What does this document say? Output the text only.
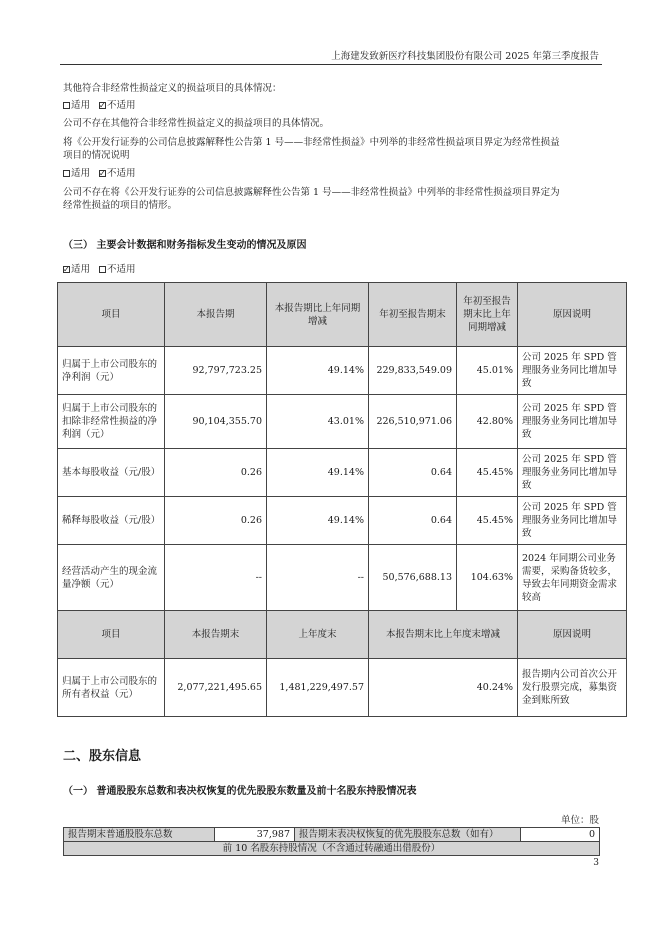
上海建发致新医疗科技集团股份有限公司 2025 年第三季度报告
其他符合非经常性损益定义的损益项目的具体情况：
适用 ✓ 不适用
公司不存在其他符合非经常性损益定义的损益项目的具体情况。
将《公开发行证券的公司信息披露解释性公告第 1 号——非经常性损益》中列举的非经常性损益项目界定为经常性损益
项目的情况说明
适用 ✓ 不适用
公司不存在将《公开发行证券的公司信息披露解释性公告第 1 号——非经常性损益》中列举的非经常性损益项目界定为
经常性损益的项目的情形。
（三） 主要会计数据和财务指标发生变动的情况及原因
✓适用 不适用
项目	本报告期	本报告期比上年同期增减	年初至报告期末	年初至报告期末比上年同期增减	原因说明
归属于上市公司股东的净利润（元）	92,797,723.25	49.14%	229,833,549.09	45.01%	公司 2025 年 SPD 管理服务业务同比增加导致
归属于上市公司股东的扣除非经常性损益的净利润（元）	90,104,355.70	43.01%	226,510,971.06	42.80%	公司 2025 年 SPD 管理服务业务同比增加导致
基本每股收益（元/股）	0.26	49.14%	0.64	45.45%	公司 2025 年 SPD 管理服务业务同比增加导致
稀释每股收益（元/股）	0.26	49.14%	0.64	45.45%	公司 2025 年 SPD 管理服务业务同比增加导致
经营活动产生的现金流量净额（元）	--	--	50,576,688.13	104.63%	2024 年同期公司业务需要，采购备货较多，导致去年同期资金需求较高
项目	本报告期末	上年度末	本报告期末比上年度末增减		原因说明
归属于上市公司股东的所有者权益（元）	2,077,221,495.65	1,481,229,497.57	40.24%		报告期内公司首次公开发行股票完成，募集资金到账所致
二、股东信息
（一） 普通股股东总数和表决权恢复的优先股股东数量及前十名股东持股情况表
单位：股
报告期末普通股股东总数	37,987	报告期末表决权恢复的优先股股东总数（如有）	0
前 10 名股东持股情况（不含通过转融通出借股份）
3
